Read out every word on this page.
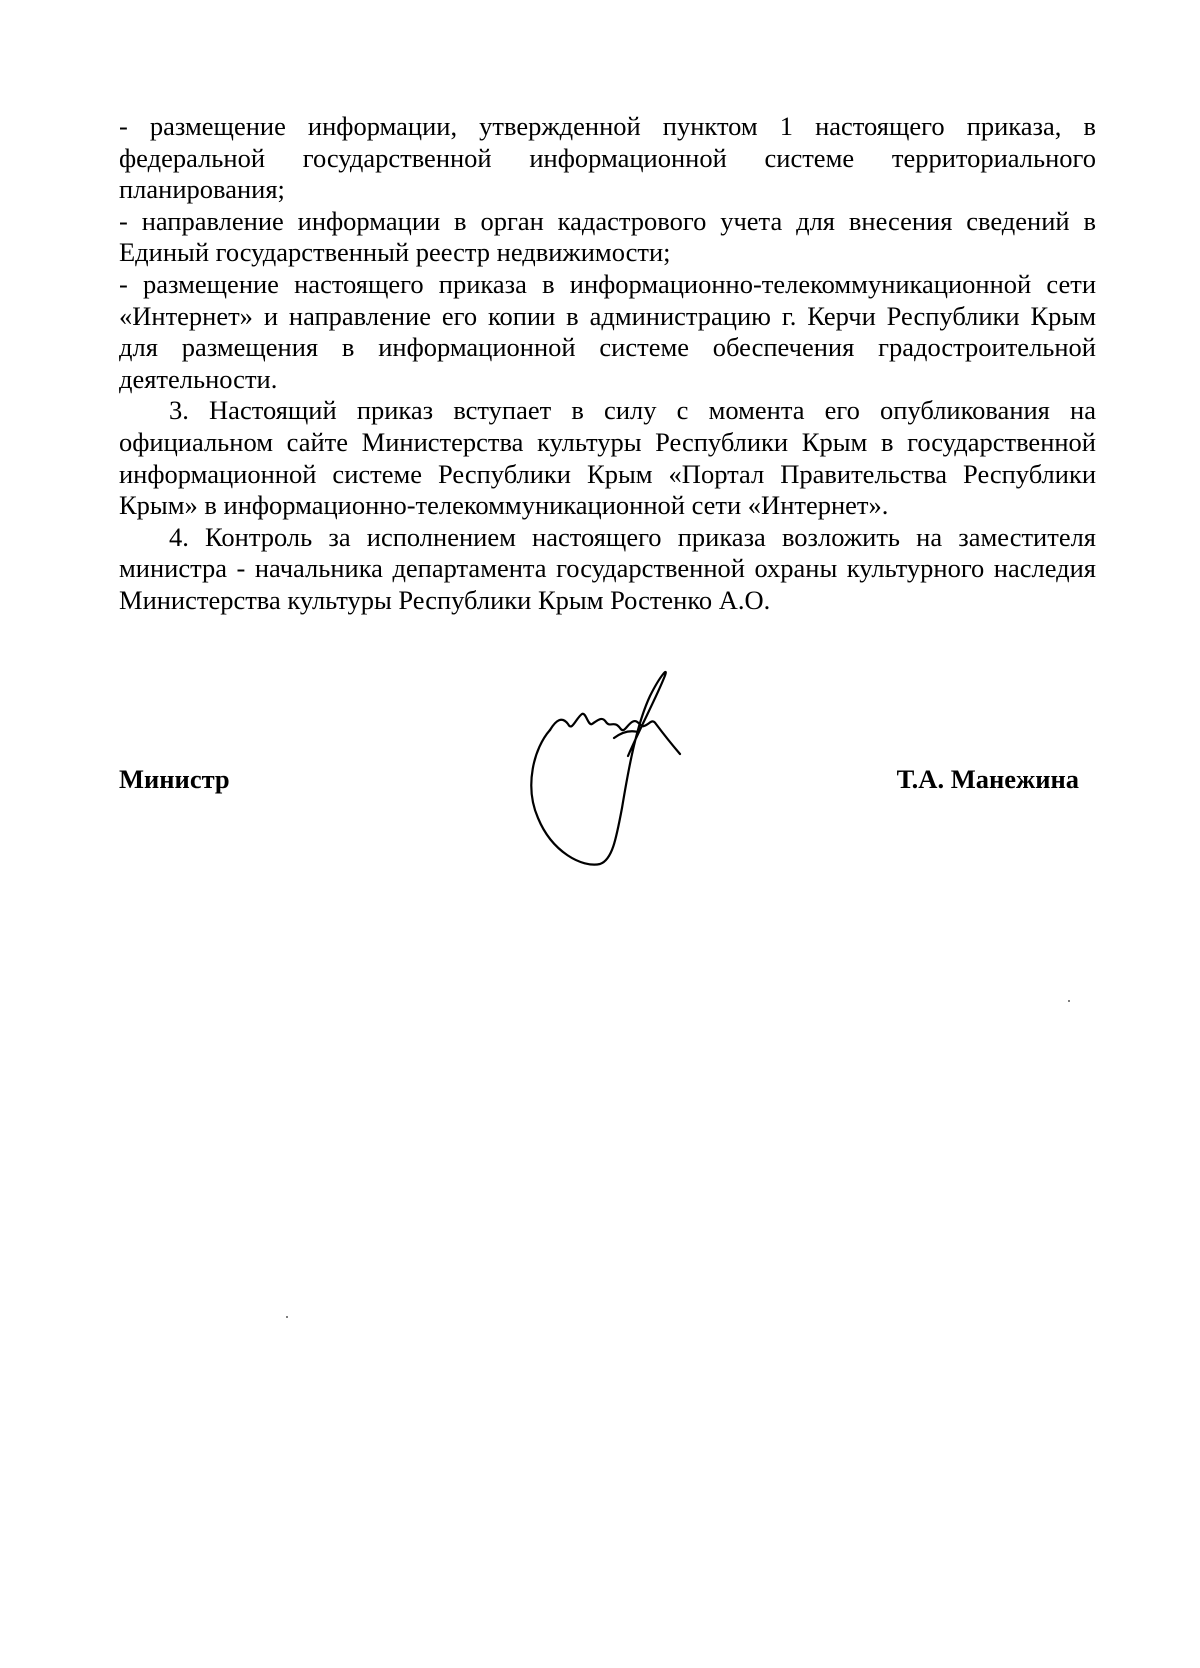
- размещение информации, утвержденной пунктом 1 настоящего приказа, в федеральной государственной информационной системе территориального планирования;

- направление информации в орган кадастрового учета для внесения сведений в Единый государственный реестр недвижимости;

- размещение настоящего приказа в информационно-телекоммуникационной сети «Интернет» и направление его копии в администрацию г. Керчи Республики Крым для размещения в информационной системе обеспечения градостроительной деятельности.

3. Настоящий приказ вступает в силу с момента его опубликования на официальном сайте Министерства культуры Республики Крым в государственной информационной системе Республики Крым «Портал Правительства Республики Крым» в информационно-телекоммуникационной сети «Интернет».

4. Контроль за исполнением настоящего приказа возложить на заместителя министра - начальника департамента государственной охраны культурного наследия Министерства культуры Республики Крым Ростенко А.О.

Министр	Т.А. Манежина
